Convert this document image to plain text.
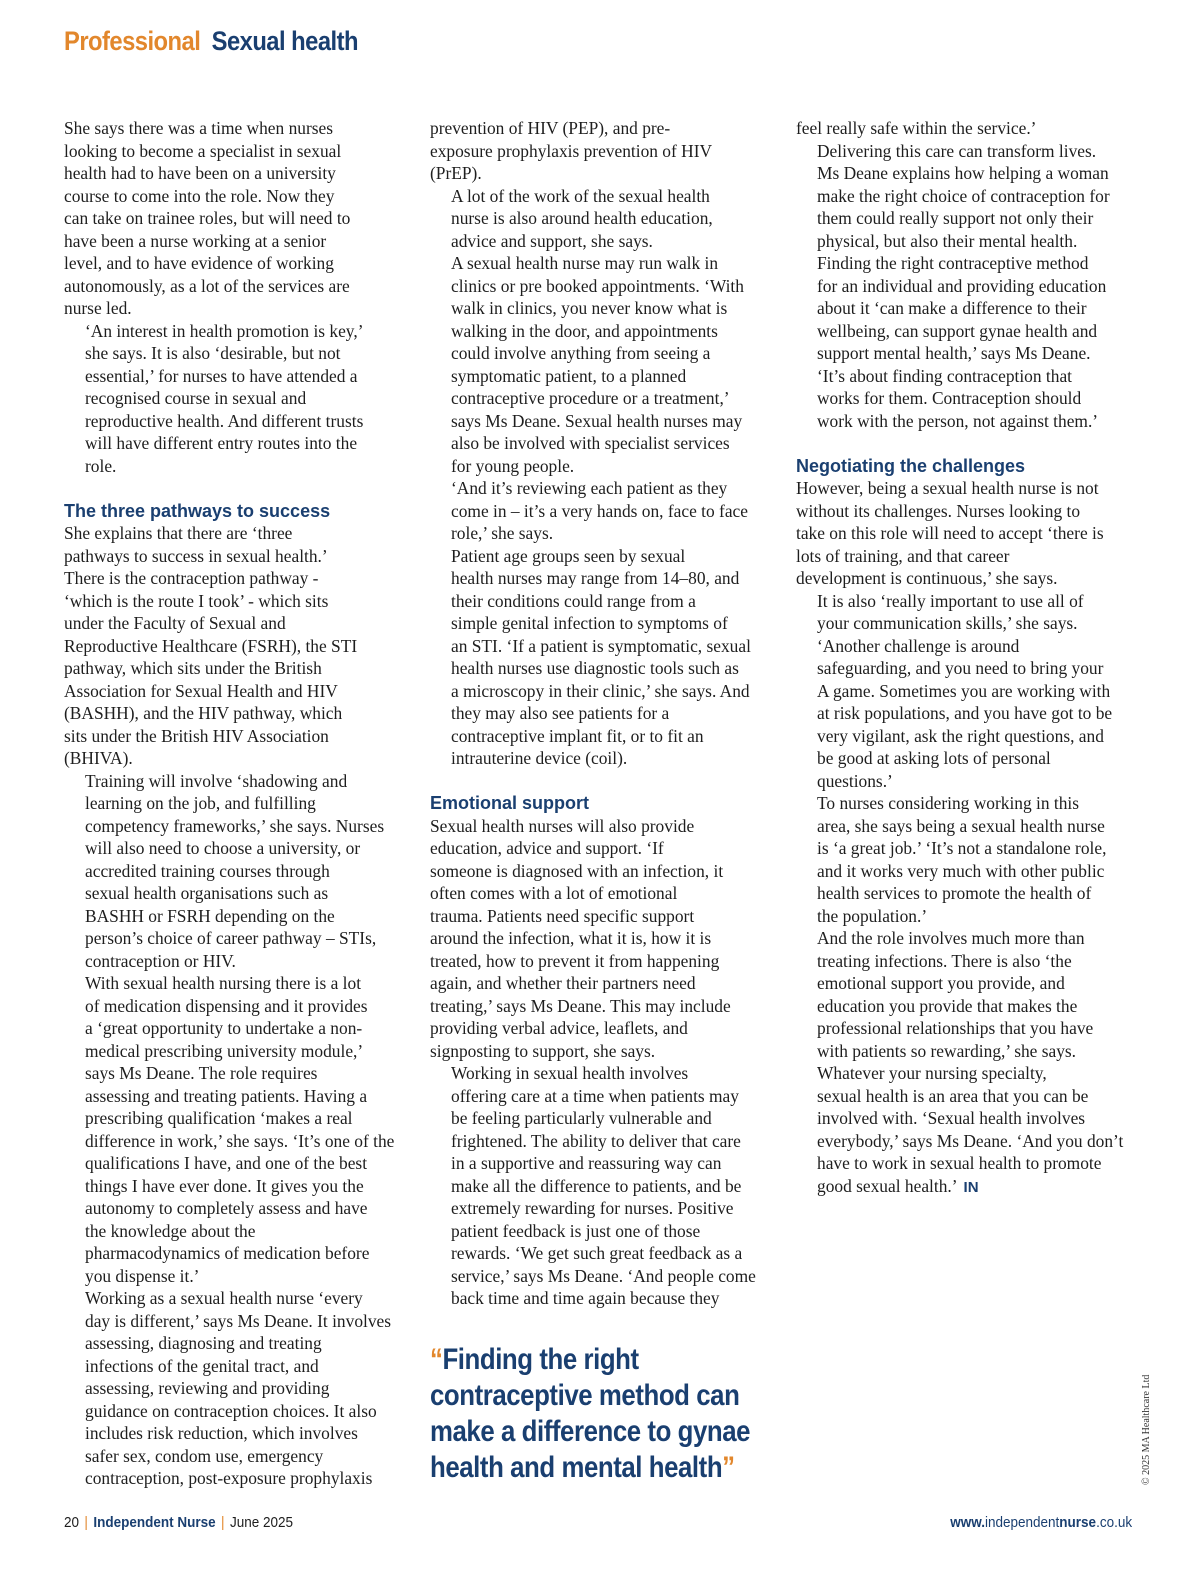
Professional Sexual health

She says there was a time when nurses
looking to become a specialist in sexual
health had to have been on a university
course to come into the role. Now they
can take on trainee roles, but will need to
have been a nurse working at a senior
level, and to have evidence of working
autonomously, as a lot of the services are
nurse led.

‘An interest in health promotion is key,’
she says. It is also ‘desirable, but not
essential,’ for nurses to have attended a
recognised course in sexual and
reproductive health. And different trusts
will have different entry routes into the
role.

The three pathways to success

She explains that there are ‘three
pathways to success in sexual health.’
There is the contraception pathway -
‘which is the route I took’ - which sits
under the Faculty of Sexual and
Reproductive Healthcare (FSRH), the STI
pathway, which sits under the British
Association for Sexual Health and HIV
(BASHH), and the HIV pathway, which
sits under the British HIV Association
(BHIVA).

Training will involve ‘shadowing and
learning on the job, and fulfilling
competency frameworks,’ she says. Nurses
will also need to choose a university, or
accredited training courses through
sexual health organisations such as
BASHH or FSRH depending on the
person’s choice of career pathway – STIs,
contraception or HIV.

With sexual health nursing there is a lot
of medication dispensing and it provides
a ‘great opportunity to undertake a non-
medical prescribing university module,’
says Ms Deane. The role requires
assessing and treating patients. Having a
prescribing qualification ‘makes a real
difference in work,’ she says. ‘It’s one of the
qualifications I have, and one of the best
things I have ever done. It gives you the
autonomy to completely assess and have
the knowledge about the
pharmacodynamics of medication before
you dispense it.’

Working as a sexual health nurse ‘every
day is different,’ says Ms Deane. It involves
assessing, diagnosing and treating
infections of the genital tract, and
assessing, reviewing and providing
guidance on contraception choices. It also
includes risk reduction, which involves
safer sex, condom use, emergency
contraception, post-exposure prophylaxis

prevention of HIV (PEP), and pre-
exposure prophylaxis prevention of HIV
(PrEP).

A lot of the work of the sexual health
nurse is also around health education,
advice and support, she says.

A sexual health nurse may run walk in
clinics or pre booked appointments. ‘With
walk in clinics, you never know what is
walking in the door, and appointments
could involve anything from seeing a
symptomatic patient, to a planned
contraceptive procedure or a treatment,’
says Ms Deane. Sexual health nurses may
also be involved with specialist services
for young people.

‘And it’s reviewing each patient as they
come in – it’s a very hands on, face to face
role,’ she says.

Patient age groups seen by sexual
health nurses may range from 14–80, and
their conditions could range from a
simple genital infection to symptoms of
an STI. ‘If a patient is symptomatic, sexual
health nurses use diagnostic tools such as
a microscopy in their clinic,’ she says. And
they may also see patients for a
contraceptive implant fit, or to fit an
intrauterine device (coil).

Emotional support

Sexual health nurses will also provide
education, advice and support. ‘If
someone is diagnosed with an infection, it
often comes with a lot of emotional
trauma. Patients need specific support
around the infection, what it is, how it is
treated, how to prevent it from happening
again, and whether their partners need
treating,’ says Ms Deane. This may include
providing verbal advice, leaflets, and
signposting to support, she says.

Working in sexual health involves
offering care at a time when patients may
be feeling particularly vulnerable and
frightened. The ability to deliver that care
in a supportive and reassuring way can
make all the difference to patients, and be
extremely rewarding for nurses. Positive
patient feedback is just one of those
rewards. ‘We get such great feedback as a
service,’ says Ms Deane. ‘And people come
back time and time again because they

feel really safe within the service.’

Delivering this care can transform lives.
Ms Deane explains how helping a woman
make the right choice of contraception for
them could really support not only their
physical, but also their mental health.
Finding the right contraceptive method
for an individual and providing education
about it ‘can make a difference to their
wellbeing, can support gynae health and
support mental health,’ says Ms Deane.
‘It’s about finding contraception that
works for them. Contraception should
work with the person, not against them.’

Negotiating the challenges

However, being a sexual health nurse is not
without its challenges. Nurses looking to
take on this role will need to accept ‘there is
lots of training, and that career
development is continuous,’ she says.

It is also ‘really important to use all of
your communication skills,’ she says.
‘Another challenge is around
safeguarding, and you need to bring your
A game. Sometimes you are working with
at risk populations, and you have got to be
very vigilant, ask the right questions, and
be good at asking lots of personal
questions.’

To nurses considering working in this
area, she says being a sexual health nurse
is ‘a great job.’ ‘It’s not a standalone role,
and it works very much with other public
health services to promote the health of
the population.’

And the role involves much more than
treating infections. There is also ‘the
emotional support you provide, and
education you provide that makes the
professional relationships that you have
with patients so rewarding,’ she says.

Whatever your nursing specialty,
sexual health is an area that you can be
involved with. ‘Sexual health involves
everybody,’ says Ms Deane. ‘And you don’t
have to work in sexual health to promote
good sexual health.’ IN

“Finding the right
contraceptive method can
make a difference to gynae
health and mental health”	© 2025 MA Healthcare Ltd
20 | Independent Nurse | June 2025	www.independentnurse.co.uk
